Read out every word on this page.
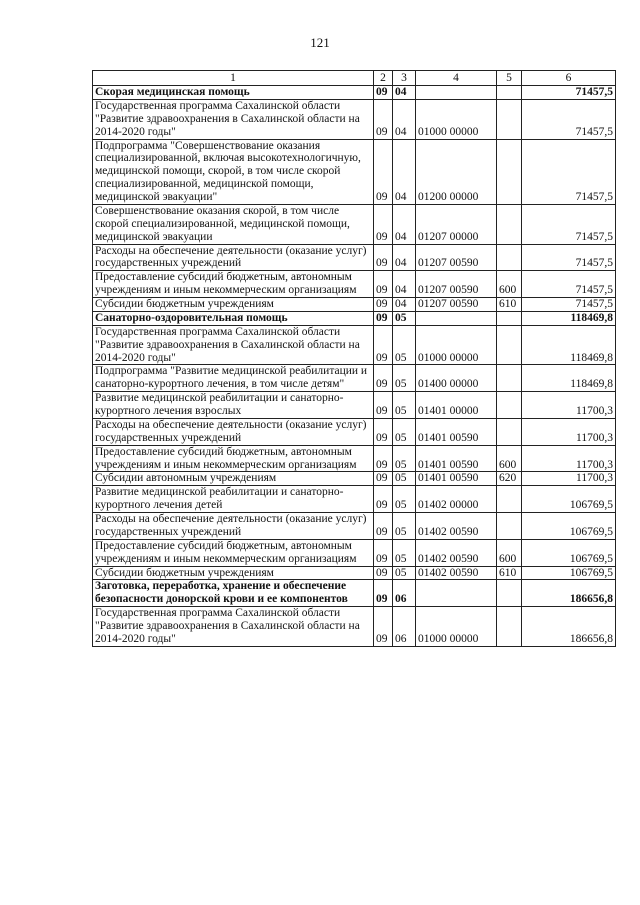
121
1	2	3	4	5	6
Скорая медицинская помощь	09	04			71457,5
Государственная программа Сахалинской области "Развитие здравоохранения в Сахалинской области на 2014-2020 годы"	09	04	01000 00000		71457,5
Подпрограмма "Совершенствование оказания специализированной, включая высокотехнологичную, медицинской помощи, скорой, в том числе скорой специализированной, медицинской помощи, медицинской эвакуации"	09	04	01200 00000		71457,5
Совершенствование оказания скорой, в том числе скорой специализированной, медицинской помощи, медицинской эвакуации	09	04	01207 00000		71457,5
Расходы на обеспечение деятельности (оказание услуг) государственных учреждений	09	04	01207 00590		71457,5
Предоставление субсидий бюджетным, автономным учреждениям и иным некоммерческим организациям	09	04	01207 00590	600	71457,5
Субсидии бюджетным учреждениям	09	04	01207 00590	610	71457,5
Санаторно-оздоровительная помощь	09	05			118469,8
Государственная программа Сахалинской области "Развитие здравоохранения в Сахалинской области на 2014-2020 годы"	09	05	01000 00000		118469,8
Подпрограмма "Развитие медицинской реабилитации и санаторно-курортного лечения, в том числе детям"	09	05	01400 00000		118469,8
Развитие медицинской реабилитации и санаторно-курортного лечения взрослых	09	05	01401 00000		11700,3
Расходы на обеспечение деятельности (оказание услуг) государственных учреждений	09	05	01401 00590		11700,3
Предоставление субсидий бюджетным, автономным учреждениям и иным некоммерческим организациям	09	05	01401 00590	600	11700,3
Субсидии автономным учреждениям	09	05	01401 00590	620	11700,3
Развитие медицинской реабилитации и санаторно-курортного лечения детей	09	05	01402 00000		106769,5
Расходы на обеспечение деятельности (оказание услуг) государственных учреждений	09	05	01402 00590		106769,5
Предоставление субсидий бюджетным, автономным учреждениям и иным некоммерческим организациям	09	05	01402 00590	600	106769,5
Субсидии бюджетным учреждениям	09	05	01402 00590	610	106769,5
Заготовка, переработка, хранение и обеспечение безопасности донорской крови и ее компонентов	09	06			186656,8
Государственная программа Сахалинской области "Развитие здравоохранения в Сахалинской области на 2014-2020 годы"	09	06	01000 00000		186656,8
